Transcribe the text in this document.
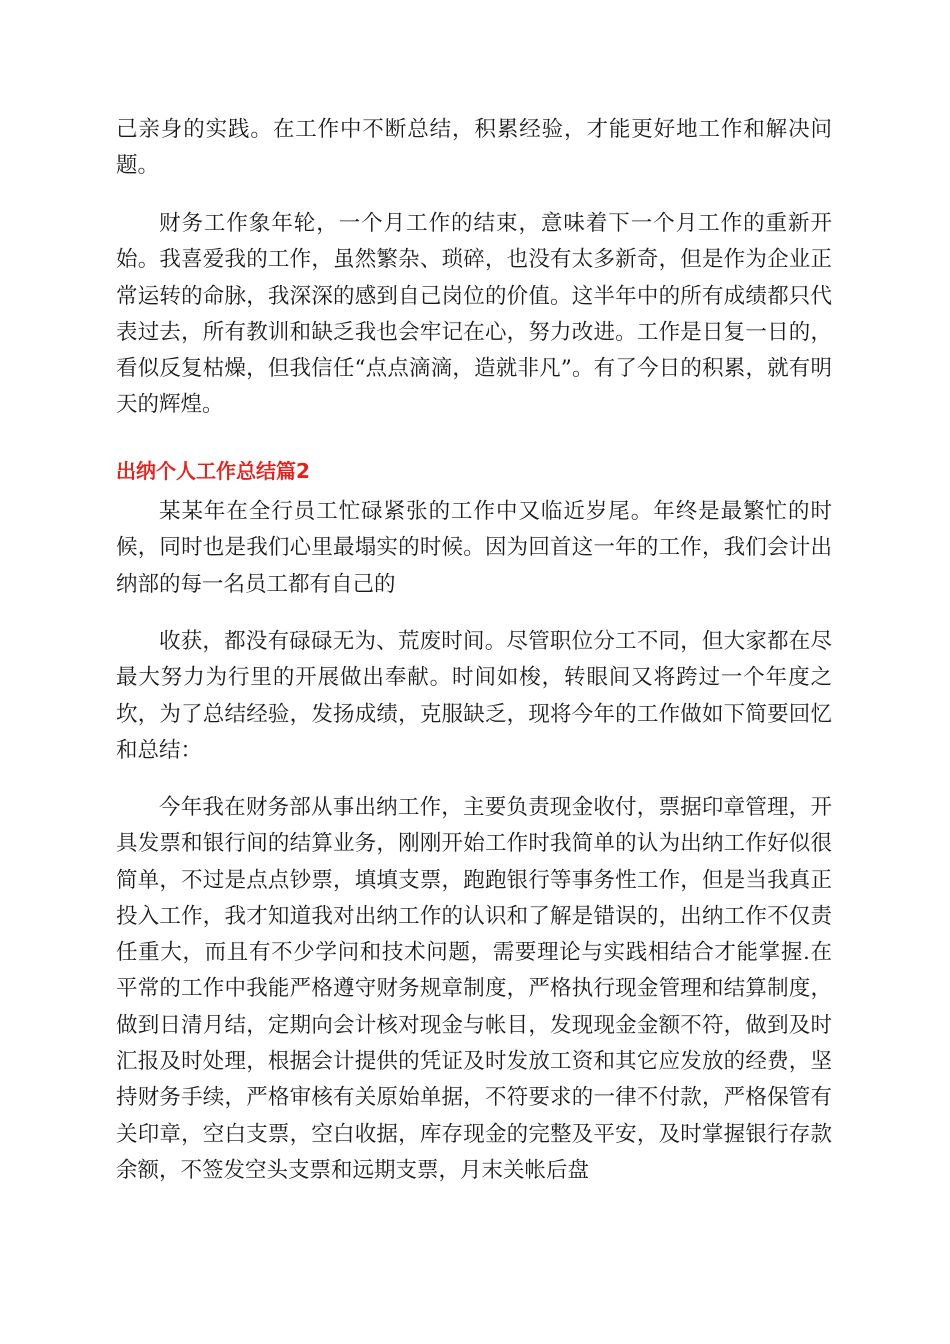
己亲身的实践。在工作中不断总结，积累经验，才能更好地工作和解决问题。

财务工作象年轮，一个月工作的结束，意味着下一个月工作的重新开始。我喜爱我的工作，虽然繁杂、琐碎，也没有太多新奇，但是作为企业正常运转的命脉，我深深的感到自己岗位的价值。这半年中的所有成绩都只代表过去，所有教训和缺乏我也会牢记在心，努力改进。工作是日复一日的，看似反复枯燥，但我信任“点点滴滴，造就非凡”。有了今日的积累，就有明天的辉煌。

出纳个人工作总结篇2

某某年在全行员工忙碌紧张的工作中又临近岁尾。年终是最繁忙的时候，同时也是我们心里最塌实的时候。因为回首这一年的工作，我们会计出纳部的每一名员工都有自己的

收获，都没有碌碌无为、荒废时间。尽管职位分工不同，但大家都在尽最大努力为行里的开展做出奉献。时间如梭，转眼间又将跨过一个年度之坎，为了总结经验，发扬成绩，克服缺乏，现将今年的工作做如下简要回忆和总结：

今年我在财务部从事出纳工作，主要负责现金收付，票据印章管理，开具发票和银行间的结算业务，刚刚开始工作时我简单的认为出纳工作好似很简单，不过是点点钞票，填填支票，跑跑银行等事务性工作，但是当我真正投入工作，我才知道我对出纳工作的认识和了解是错误的，出纳工作不仅责任重大，而且有不少学问和技术问题，需要理论与实践相结合才能掌握.在平常的工作中我能严格遵守财务规章制度，严格执行现金管理和结算制度，做到日清月结，定期向会计核对现金与帐目，发现现金金额不符，做到及时汇报及时处理，根据会计提供的凭证及时发放工资和其它应发放的经费，坚持财务手续，严格审核有关原始单据，不符要求的一律不付款，严格保管有关印章，空白支票，空白收据，库存现金的完整及平安，及时掌握银行存款余额，不签发空头支票和远期支票，月末关帐后盘
